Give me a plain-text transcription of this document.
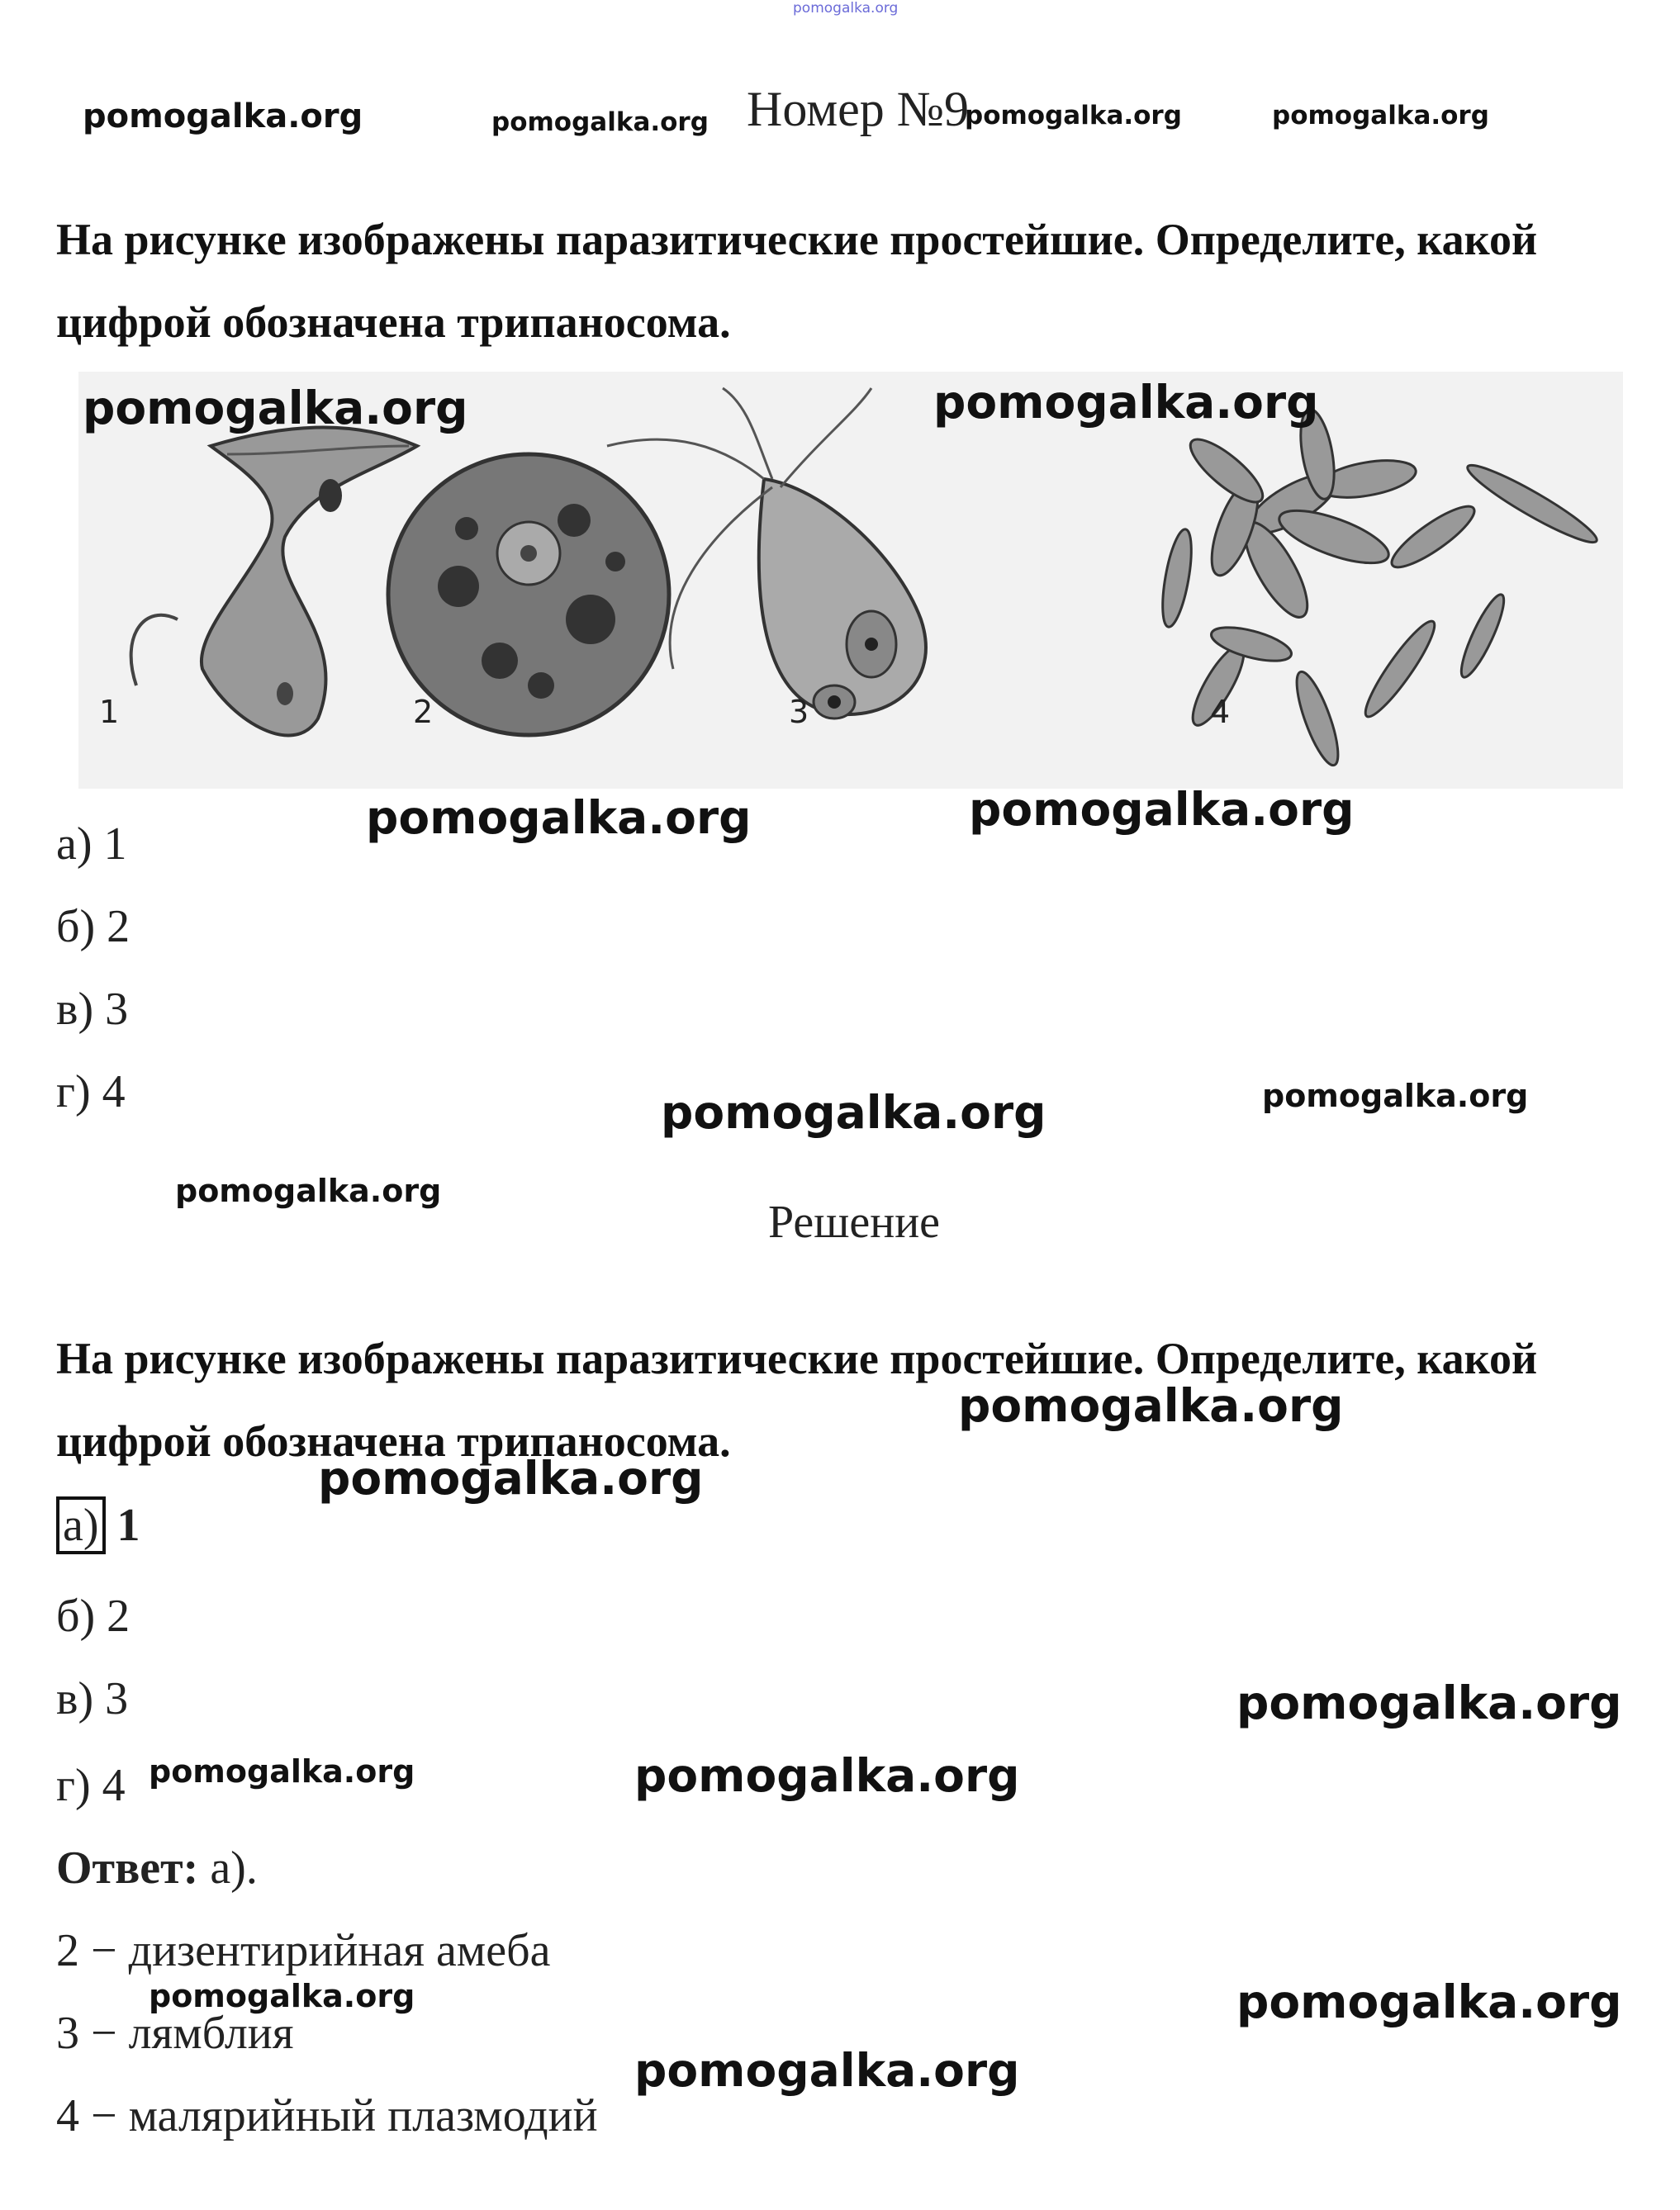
pomogalka.org
pomogalka.org	pomogalka.org Номер №9
pomogalka.org	pomogalka.org
На рисунке изображены паразитические простейшие. Определите, какой цифрой обозначена трипаносома.
1	2	3	4
pomogalka.org	pomogalka.org
pomogalka.org	pomogalka.org
а) 1
б) 2
в) 3
г) 4	pomogalka.org	pomogalka.org
pomogalka.org
Решение
На рисунке изображены паразитические простейшие. Определите, какой цифрой обозначена трипаносома.
pomogalka.org
pomogalka.org
а) 1
б) 2
в) 3	pomogalka.org
г) 4 pomogalka.org	pomogalka.org
Ответ: а).
2 − дизентирийная амеба
pomogalka.org	pomogalka.org
3 − лямблия
pomogalka.org
4 − малярийный плазмодий
